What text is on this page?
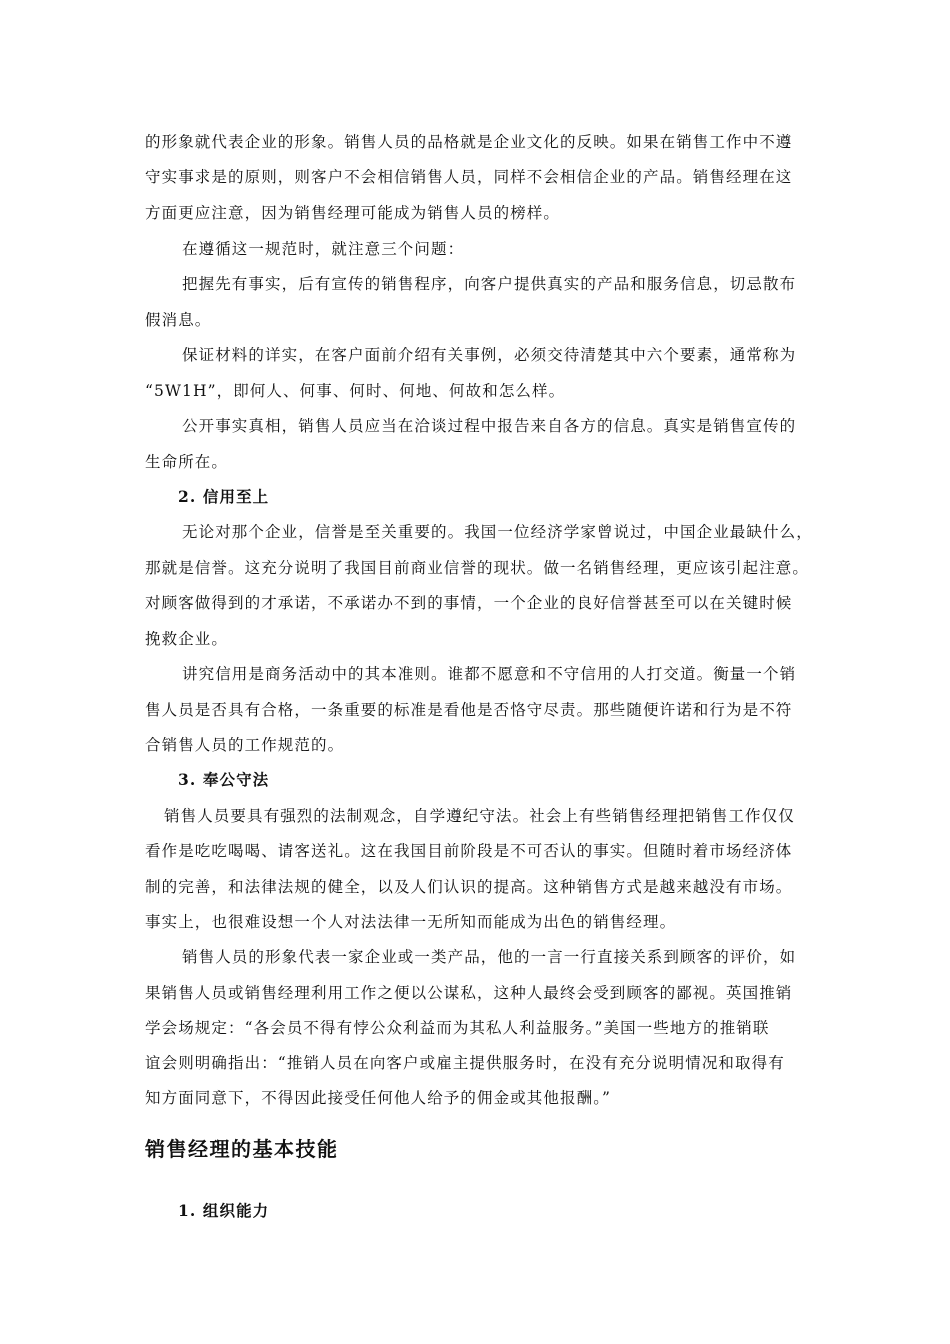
的形象就代表企业的形象。销售人员的品格就是企业文化的反映。如果在销售工作中不遵
守实事求是的原则，则客户不会相信销售人员，同样不会相信企业的产品。销售经理在这
方面更应注意，因为销售经理可能成为销售人员的榜样。
在遵循这一规范时，就注意三个问题：
把握先有事实，后有宣传的销售程序，向客户提供真实的产品和服务信息，切忌散布
假消息。
保证材料的详实，在客户面前介绍有关事例，必须交待清楚其中六个要素，通常称为
“5W1H”，即何人、何事、何时、何地、何故和怎么样。
公开事实真相，销售人员应当在洽谈过程中报告来自各方的信息。真实是销售宣传的
生命所在。
2. 信用至上
无论对那个企业，信誉是至关重要的。我国一位经济学家曾说过，中国企业最缺什么，
那就是信誉。这充分说明了我国目前商业信誉的现状。做一名销售经理，更应该引起注意。
对顾客做得到的才承诺，不承诺办不到的事情，一个企业的良好信誉甚至可以在关键时候
挽救企业。
讲究信用是商务活动中的其本准则。谁都不愿意和不守信用的人打交道。衡量一个销
售人员是否具有合格，一条重要的标准是看他是否恪守尽责。那些随便许诺和行为是不符
合销售人员的工作规范的。
3. 奉公守法
销售人员要具有强烈的法制观念，自学遵纪守法。社会上有些销售经理把销售工作仅仅
看作是吃吃喝喝、请客送礼。这在我国目前阶段是不可否认的事实。但随时着市场经济体
制的完善，和法律法规的健全，以及人们认识的提高。这种销售方式是越来越没有市场。
事实上，也很难设想一个人对法法律一无所知而能成为出色的销售经理。
销售人员的形象代表一家企业或一类产品，他的一言一行直接关系到顾客的评价，如
果销售人员或销售经理利用工作之便以公谋私，这种人最终会受到顾客的鄙视。英国推销
学会场规定：“各会员不得有悖公众利益而为其私人利益服务。”美国一些地方的推销联
谊会则明确指出：“推销人员在向客户或雇主提供服务时，在没有充分说明情况和取得有
知方面同意下，不得因此接受任何他人给予的佣金或其他报酬。”
销售经理的基本技能
1. 组织能力
